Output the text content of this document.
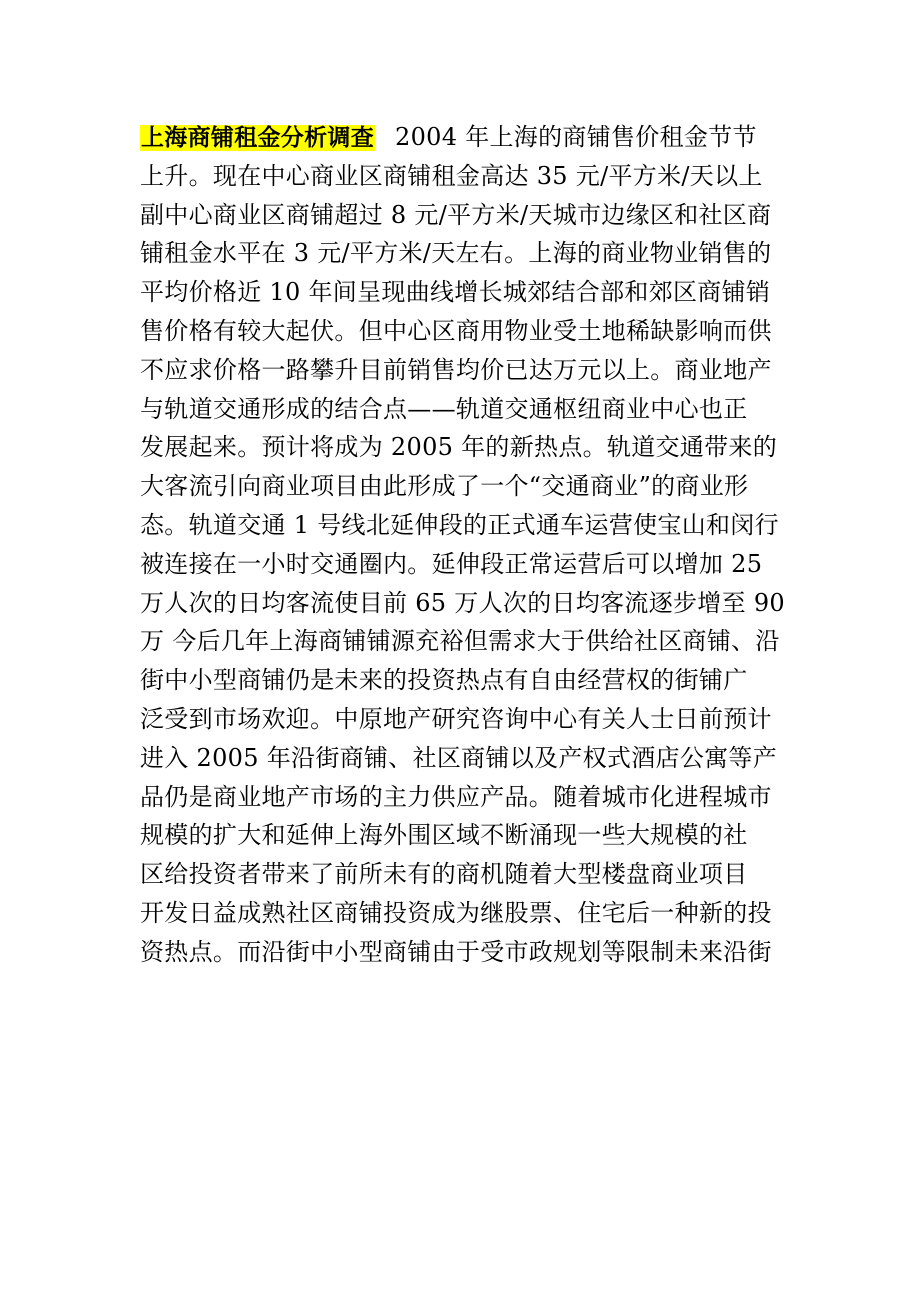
上海商铺租金分析调查 2004 年上海的商铺售价租金节节
上升。现在中心商业区商铺租金高达 35 元/平方米/天以上
副中心商业区商铺超过 8 元/平方米/天城市边缘区和社区商
铺租金水平在 3 元/平方米/天左右。上海的商业物业销售的
平均价格近 10 年间呈现曲线增长城郊结合部和郊区商铺销
售价格有较大起伏。但中心区商用物业受土地稀缺影响而供
不应求价格一路攀升目前销售均价已达万元以上。商业地产
与轨道交通形成的结合点——轨道交通枢纽商业中心也正
发展起来。预计将成为 2005 年的新热点。轨道交通带来的
大客流引向商业项目由此形成了一个“交通商业”的商业形
态。轨道交通 1 号线北延伸段的正式通车运营使宝山和闵行
被连接在一小时交通圈内。延伸段正常运营后可以增加 25
万人次的日均客流使目前 65 万人次的日均客流逐步增至 90
万 今后几年上海商铺铺源充裕但需求大于供给社区商铺、沿
街中小型商铺仍是未来的投资热点有自由经营权的街铺广
泛受到市场欢迎。中原地产研究咨询中心有关人士日前预计
进入 2005 年沿街商铺、社区商铺以及产权式酒店公寓等产
品仍是商业地产市场的主力供应产品。随着城市化进程城市
规模的扩大和延伸上海外围区域不断涌现一些大规模的社
区给投资者带来了前所未有的商机随着大型楼盘商业项目
开发日益成熟社区商铺投资成为继股票、住宅后一种新的投
资热点。而沿街中小型商铺由于受市政规划等限制未来沿街
